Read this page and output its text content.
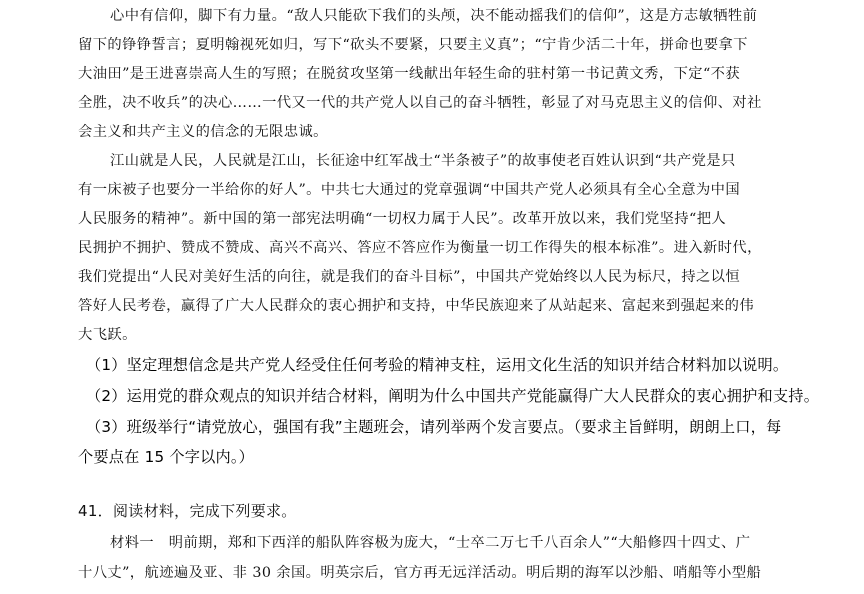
心中有信仰，脚下有力量。“敌人只能砍下我们的头颅，决不能动摇我们的信仰”，这是方志敏牺牲前
留下的铮铮誓言；夏明翰视死如归，写下“砍头不要紧，只要主义真”；“宁肯少活二十年，拼命也要拿下
大油田”是王进喜崇高人生的写照；在脱贫攻坚第一线献出年轻生命的驻村第一书记黄文秀，下定“不获
全胜，决不收兵”的决心……一代又一代的共产党人以自己的奋斗牺牲，彰显了对马克思主义的信仰、对社
会主义和共产主义的信念的无限忠诚。
江山就是人民，人民就是江山，长征途中红军战士“半条被子”的故事使老百姓认识到“共产党是只
有一床被子也要分一半给你的好人”。中共七大通过的党章强调“中国共产党人必须具有全心全意为中国
人民服务的精神”。新中国的第一部宪法明确“一切权力属于人民”。改革开放以来，我们党坚持“把人
民拥护不拥护、赞成不赞成、高兴不高兴、答应不答应作为衡量一切工作得失的根本标准”。进入新时代，
我们党提出“人民对美好生活的向往，就是我们的奋斗目标”，中国共产党始终以人民为标尺，持之以恒
答好人民考卷，赢得了广大人民群众的衷心拥护和支持，中华民族迎来了从站起来、富起来到强起来的伟
大飞跃。
（1）坚定理想信念是共产党人经受住任何考验的精神支柱，运用文化生活的知识并结合材料加以说明。
（2）运用党的群众观点的知识并结合材料，阐明为什么中国共产党能赢得广大人民群众的衷心拥护和支持。
（3）班级举行“请党放心，强国有我”主题班会，请列举两个发言要点。（要求主旨鲜明，朗朗上口，每
个要点在 15 个字以内。）
41．阅读材料，完成下列要求。
材料一　明前期，郑和下西洋的船队阵容极为庞大，“士卒二万七千八百余人”“大船修四十四丈、广
十八丈”，航迹遍及亚、非 30 余国。明英宗后，官方再无远洋活动。明后期的海军以沙船、哨船等小型船
